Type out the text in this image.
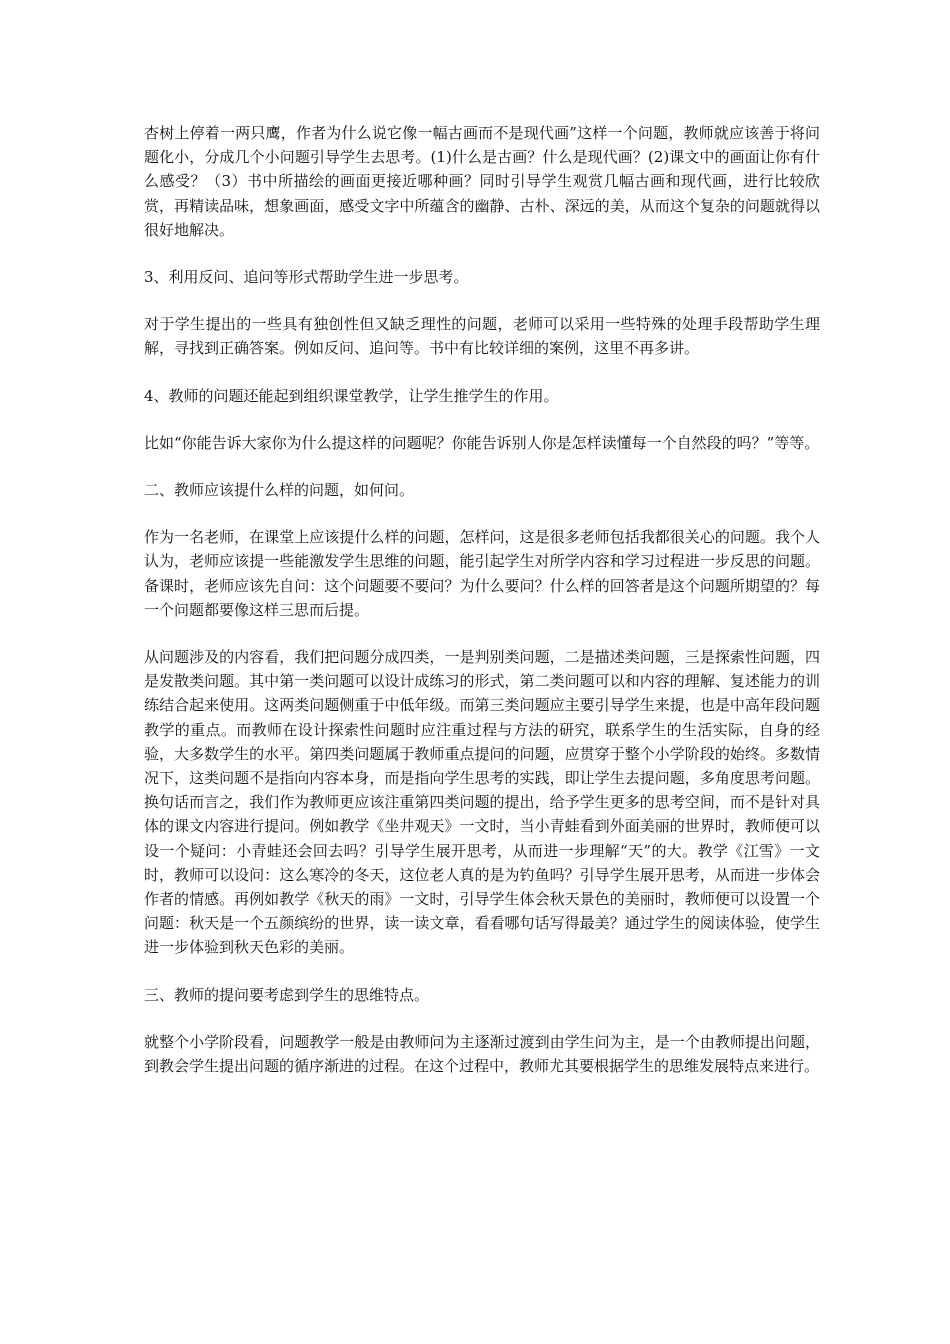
杏树上停着一两只鹰，作者为什么说它像一幅古画而不是现代画”这样一个问题，教师就应该善于将问题化小，分成几个小问题引导学生去思考。(1)什么是古画？什么是现代画？(2)课文中的画面让你有什么感受？（3）书中所描绘的画面更接近哪种画？同时引导学生观赏几幅古画和现代画，进行比较欣赏，再精读品味，想象画面，感受文字中所蕴含的幽静、古朴、深远的美，从而这个复杂的问题就得以很好地解决。

3、利用反问、追问等形式帮助学生进一步思考。

对于学生提出的一些具有独创性但又缺乏理性的问题，老师可以采用一些特殊的处理手段帮助学生理解，寻找到正确答案。例如反问、追问等。书中有比较详细的案例，这里不再多讲。

4、教师的问题还能起到组织课堂教学，让学生推学生的作用。

比如“你能告诉大家你为什么提这样的问题呢？你能告诉别人你是怎样读懂每一个自然段的吗？”等等。

二、教师应该提什么样的问题，如何问。

作为一名老师，在课堂上应该提什么样的问题，怎样问，这是很多老师包括我都很关心的问题。我个人认为，老师应该提一些能激发学生思维的问题，能引起学生对所学内容和学习过程进一步反思的问题。备课时，老师应该先自问：这个问题要不要问？为什么要问？什么样的回答者是这个问题所期望的？每一个问题都要像这样三思而后提。

从问题涉及的内容看，我们把问题分成四类，一是判别类问题，二是描述类问题，三是探索性问题，四是发散类问题。其中第一类问题可以设计成练习的形式，第二类问题可以和内容的理解、复述能力的训练结合起来使用。这两类问题侧重于中低年级。而第三类问题应主要引导学生来提，也是中高年段问题教学的重点。而教师在设计探索性问题时应注重过程与方法的研究，联系学生的生活实际，自身的经验，大多数学生的水平。第四类问题属于教师重点提问的问题，应贯穿于整个小学阶段的始终。多数情况下，这类问题不是指向内容本身，而是指向学生思考的实践，即让学生去提问题，多角度思考问题。换句话而言之，我们作为教师更应该注重第四类问题的提出，给予学生更多的思考空间，而不是针对具体的课文内容进行提问。例如教学《坐井观天》一文时，当小青蛙看到外面美丽的世界时，教师便可以设一个疑问：小青蛙还会回去吗？引导学生展开思考，从而进一步理解“天”的大。教学《江雪》一文时，教师可以设问：这么寒冷的冬天，这位老人真的是为钓鱼吗？引导学生展开思考，从而进一步体会作者的情感。再例如教学《秋天的雨》一文时，引导学生体会秋天景色的美丽时，教师便可以设置一个问题：秋天是一个五颜缤纷的世界，读一读文章，看看哪句话写得最美？通过学生的阅读体验，使学生进一步体验到秋天色彩的美丽。

三、教师的提问要考虑到学生的思维特点。

就整个小学阶段看，问题教学一般是由教师问为主逐渐过渡到由学生问为主，是一个由教师提出问题，到教会学生提出问题的循序渐进的过程。在这个过程中，教师尤其要根据学生的思维发展特点来进行。
